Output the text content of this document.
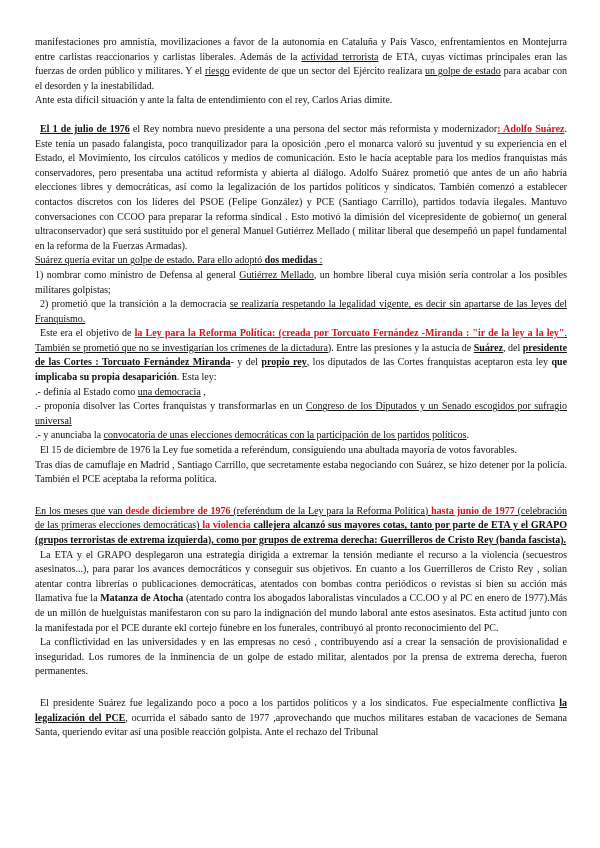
manifestaciones pro amnistía, movilizaciones a favor de la autonomía en Cataluña y País Vasco, enfrentamientos en Montejurra entre carlistas reaccionarios y carlistas liberales. Además de la actividad terrorista de ETA, cuyas víctimas principales eran las fuerzas de orden público y militares. Y el riesgo evidente de que un sector del Ejército realizara un golpe de estado para acabar con el desorden y la inestabilidad.

Ante esta difícil situación y ante la falta de entendimiento con el rey, Carlos Arias dimite.

El 1 de julio de 1976 el Rey nombra nuevo presidente a una persona del sector más reformista y modernizador: Adolfo Suárez. Este tenía un pasado falangista, poco tranquilizador para la oposición ,pero el monarca valoró su juventud y su experiencia en el Estado, el Movimiento, los círculos católicos y medios de comunicación. Esto le hacía aceptable para los medios franquistas más conservadores, pero presentaba una actitud reformista y abierta al diálogo. Adolfo Suárez prometió que antes de un año habría elecciones libres y democráticas, así como la legalización de los partidos políticos y sindicatos. También comenzó a establecer contactos discretos con los líderes del PSOE (Felipe González) y PCE (Santiago Carrillo), partidos todavía ilegales. Mantuvo conversaciones con CCOO para preparar la reforma sindical . Esto motivó la dimisión del vicepresidente de gobierno( un general ultraconservador) que será sustituido por el general Manuel Gutiérrez Mellado ( militar liberal que desempeñó un papel fundamental en la reforma de la Fuerzas Armadas).

Suárez quería evitar un golpe de estado. Para ello adoptó dos medidas :

1) nombrar como ministro de Defensa al general Gutiérrez Mellado, un hombre liberal cuya misión sería controlar a los posibles militares golpistas;

2) prometió que la transición a la democracia se realizaría respetando la legalidad vigente, es decir sin apartarse de las leyes del Franquismo.

Este era el objetivo de la Ley para la Reforma Política: (creada por Torcuato Fernández -Miranda : "ir de la ley a la ley". También se prometió que no se investigarían los crímenes de la dictadura). Entre las presiones y la astucia de Suárez, del presidente de las Cortes : Torcuato Fernández Miranda- y del propio rey, los diputados de las Cortes franquistas aceptaron esta ley que implicaba su propia desaparición. Esta ley:

.- definía al Estado como una democracia ,

.- proponía disolver las Cortes franquistas y transformarlas en un Congreso de los Diputados y un Senado escogidos por sufragio universal

.- y anunciaba la convocatoria de unas elecciones democráticas con la participación de los partidos políticos.

El 15 de diciembre de 1976 la Ley fue sometida a referéndum, consiguiendo una abultada mayoría de votos favorables.

Tras días de camuflaje en Madrid , Santiago Carrillo, que secretamente estaba negociando con Suárez, se hizo detener por la policía. También el PCE aceptaba la reforma política.

En los meses que van desde diciembre de 1976 (referéndum de la Ley para la Reforma Política) hasta junio de 1977 (celebración de las primeras elecciones democráticas) la violencia callejera alcanzó sus mayores cotas, tanto por parte de ETA y el GRAPO (grupos terroristas de extrema izquierda), como por grupos de extrema derecha: Guerrilleros de Cristo Rey (banda fascista).

La ETA y el GRAPO desplegaron una estrategia dirigida a extremar la tensión mediante el recurso a la violencia (secuestros asesinatos...), para parar los avances democráticos y conseguir sus objetivos. En cuanto a los Guerrilleros de Cristo Rey , solían atentar contra librerías o publicaciones democráticas, atentados con bombas contra periódicos o revistas si bien su acción más llamativa fue la Matanza de Atocha (atentado contra los abogados laboralistas vinculados a CC.OO y al PC en enero de 1977).Más de un millón de huelguistas manifestaron con su paro la indignación del mundo laboral ante estos asesinatos. Esta actitud junto con la manifestada por el PCE durante ekl cortejo fúnebre en los funerales, contribuyó al pronto reconocimiento del PC.

La conflictividad en las universidades y en las empresas no cesó , contribuyendo así a crear la sensación de provisionalidad e inseguridad. Los rumores de la inminencia de un golpe de estado militar, alentados por la prensa de extrema derecha, fueron permanentes.

El presidente Suárez fue legalizando poco a poco a los partidos políticos y a los sindicatos. Fue especialmente conflictiva la legalización del PCE, ocurrida el sábado santo de 1977 ,aprovechando que muchos militares estaban de vacaciones de Semana Santa, queriendo evitar así una posible reacción golpista. Ante el rechazo del Tribunal
